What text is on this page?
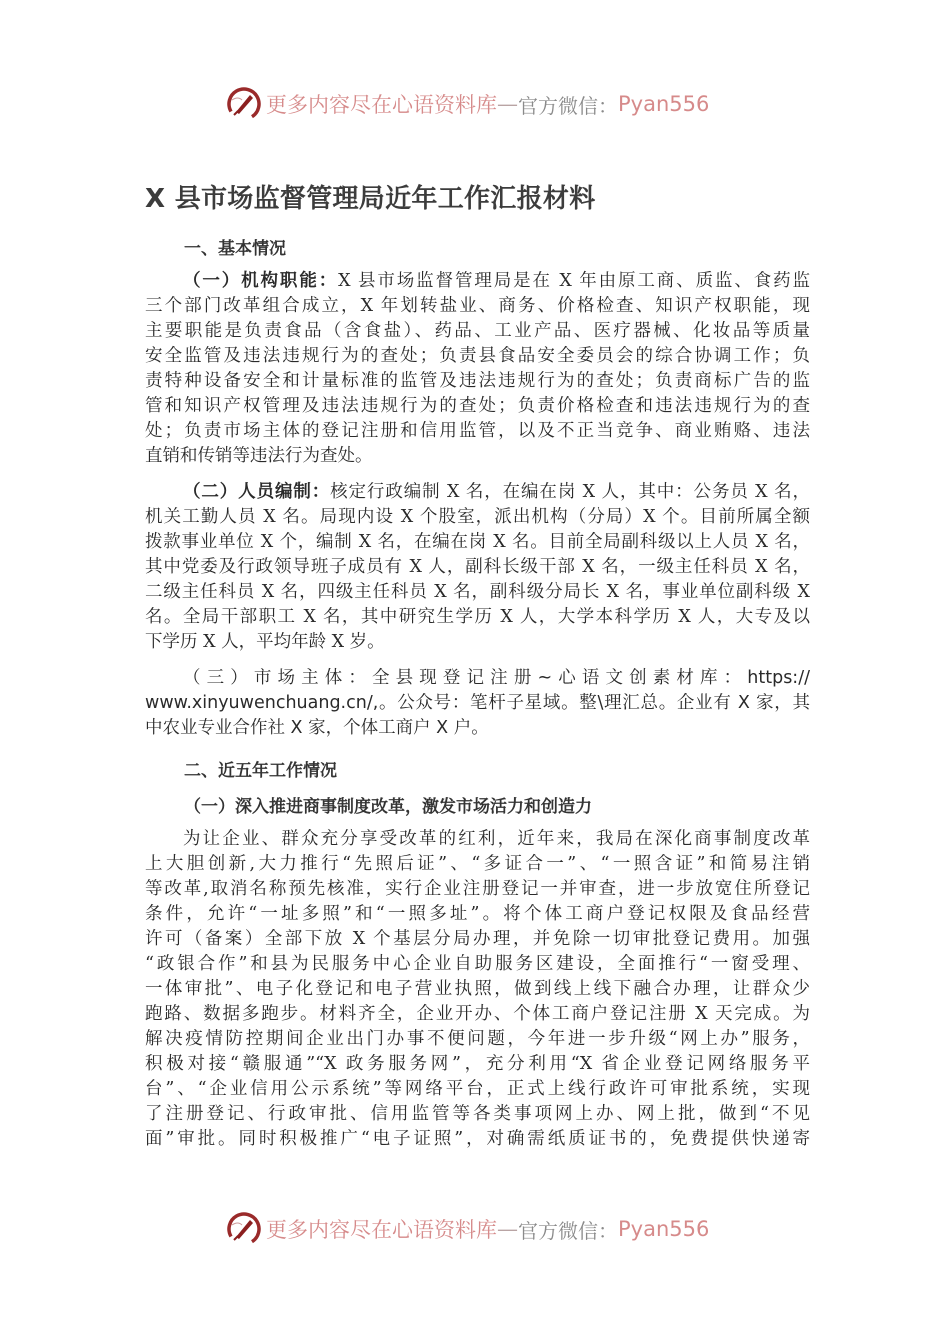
更多内容尽在心语资料库 — 官方微信： Pyan556
X 县市场监督管理局近年工作汇报材料
一、基本情况
（一）机构职能：X 县市场监督管理局是在 X 年由原工商、质监、食药监
三个部门改革组合成立，X 年划转盐业、商务、价格检查、知识产权职能，现
主要职能是负责食品（含食盐）、药品、工业产品、医疗器械、化妆品等质量
安全监管及违法违规行为的查处；负责县食品安全委员会的综合协调工作；负
责特种设备安全和计量标准的监管及违法违规行为的查处；负责商标广告的监
管和知识产权管理及违法违规行为的查处；负责价格检查和违法违规行为的查
处；负责市场主体的登记注册和信用监管，以及不正当竞争、商业贿赂、违法
直销和传销等违法行为查处。
（二）人员编制：核定行政编制 X 名，在编在岗 X 人，其中：公务员 X 名，
机关工勤人员 X 名。局现内设 X 个股室，派出机构（分局）X 个。目前所属全额
拨款事业单位 X 个，编制 X 名，在编在岗 X 名。目前全局副科级以上人员 X 名，
其中党委及行政领导班子成员有 X 人，副科长级干部 X 名，一级主任科员 X 名，
二级主任科员 X 名，四级主任科员 X 名，副科级分局长 X 名，事业单位副科级 X
名。全局干部职工 X 名，其中研究生学历 X 人，大学本科学历 X 人，大专及以
下学历 X 人，平均年龄 X 岁。
（三）市场主体：全县现登记注册~心语文创素材库：https://
www.xinyuwenchuang.cn/,。公众号：笔杆子星域。整\理汇总。企业有 X 家，其
中农业专业合作社 X 家，个体工商户 X 户。
二、近五年工作情况
（一）深入推进商事制度改革，激发市场活力和创造力
为让企业、群众充分享受改革的红利，近年来，我局在深化商事制度改革
上大胆创新,大力推行“先照后证”、“多证合一”、“一照含证”和简易注销
等改革,取消名称预先核准，实行企业注册登记一并审查，进一步放宽住所登记
条件，允许“一址多照”和“一照多址”。将个体工商户登记权限及食品经营
许可（备案）全部下放 X 个基层分局办理，并免除一切审批登记费用。加强
“政银合作”和县为民服务中心企业自助服务区建设，全面推行“一窗受理、
一体审批”、电子化登记和电子营业执照，做到线上线下融合办理，让群众少
跑路、数据多跑步。材料齐全，企业开办、个体工商户登记注册 X 天完成。为
解决疫情防控期间企业出门办事不便问题，今年进一步升级“网上办”服务，
积极对接“赣服通”“X 政务服务网”，充分利用“X 省企业登记网络服务平
台”、“企业信用公示系统”等网络平台，正式上线行政许可审批系统，实现
了注册登记、行政审批、信用监管等各类事项网上办、网上批，做到“不见
面”审批。同时积极推广“电子证照”，对确需纸质证书的，免费提供快递寄
更多内容尽在心语资料库 — 官方微信： Pyan556
